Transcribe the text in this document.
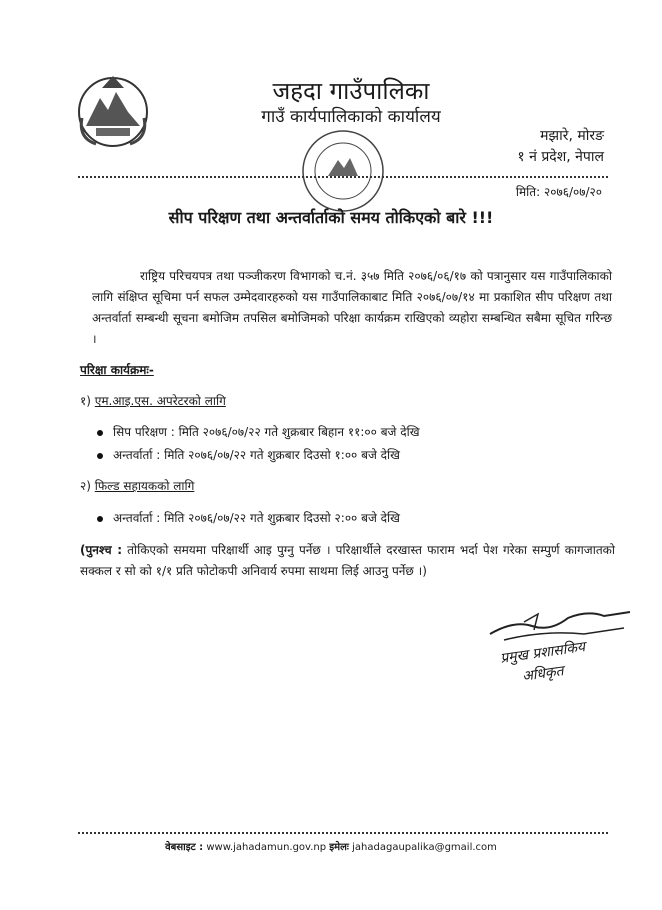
जहदा गाउँपालिका
गाउँ कार्यपालिकाको कार्यालय
मझारे, मोरङ
१ नं प्रदेश, नेपाल
मिति: २०७६/०७/२०
सीप परिक्षण तथा अन्तर्वार्ताको समय तोकिएको बारे !!!
राष्ट्रिय परिचयपत्र तथा पञ्जीकरण विभागको च.नं. ३५७ मिति २०७६/०६/१७ को पत्रानुसार यस गाउँपालिकाको लागि संक्षिप्त सूचिमा पर्न सफल उम्मेदवारहरुको यस गाउँपालिकाबाट मिति २०७६/०७/१४ मा प्रकाशित सीप परिक्षण तथा अन्तर्वार्ता सम्बन्धी सूचना बमोजिम तपसिल बमोजिमको परिक्षा कार्यक्रम राखिएको व्यहोरा सम्बन्धित सबैमा सूचित गरिन्छ ।
परिक्षा कार्यक्रमः-
१) एम.आइ.एस. अपरेटरको लागि
सिप परिक्षण : मिति २०७६/०७/२२ गते शुक्रबार बिहान ११:०० बजे देखि
अन्तर्वार्ता : मिति २०७६/०७/२२ गते शुक्रबार दिउसो १:०० बजे देखि
२) फिल्ड सहायकको लागि
अन्तर्वार्ता : मिति २०७६/०७/२२ गते शुक्रबार दिउसो २:०० बजे देखि
(पुनश्च : तोकिएको समयमा परिक्षार्थी आइ पुग्नु पर्नेछ । परिक्षार्थीले दरखास्त फाराम भर्दा पेश गरेका सम्पुर्ण कागजातको सक्कल र सो को १/१ प्रति फोटोकपी अनिवार्य रुपमा साथमा लिई आउनु पर्नेछ ।)
प्रमुख प्रशासकिय
अधिकृत
वेबसाइट : www.jahadamun.gov.np इमेलः jahadagaupalika@gmail.com
